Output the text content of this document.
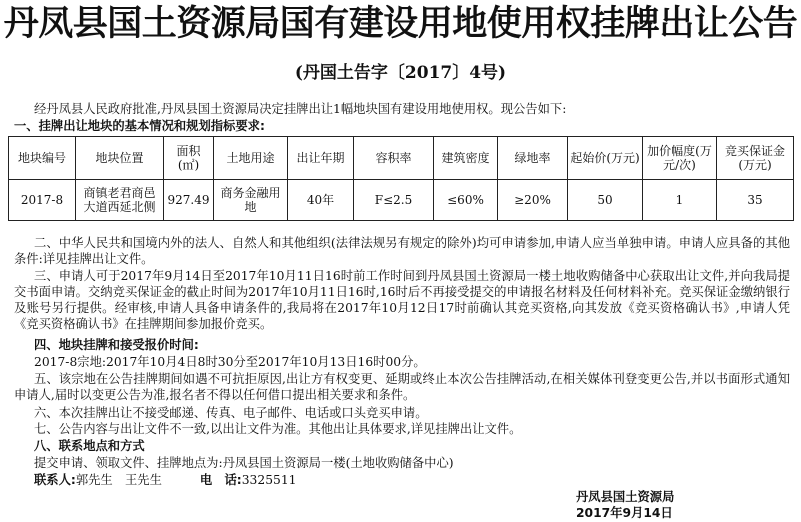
丹凤县国土资源局国有建设用地使用权挂牌出让公告
(丹国土告字〔2017〕4号)
经丹凤县人民政府批准,丹凤县国土资源局决定挂牌出让1幅地块国有建设用地使用权。现公告如下:
一、挂牌出让地块的基本情况和规划指标要求:
地块编号	地块位置	面积(㎡)	土地用途	出让年期	容积率	建筑密度	绿地率	起始价(万元)	加价幅度(万元/次)	竞买保证金(万元)
2017-8	商镇老君商邑大道西延北侧	927.49	商务金融用地	40年	F≤2.5	≤60%	≥20%	50	1	35
二、中华人民共和国境内外的法人、自然人和其他组织(法律法规另有规定的除外)均可申请参加,申请人应当单独申请。申请人应具备的其他条件:详见挂牌出让文件。
三、申请人可于2017年9月14日至2017年10月11日16时前工作时间到丹凤县国土资源局一楼土地收购储备中心获取出让文件,并向我局提交书面申请。交纳竞买保证金的截止时间为2017年10月11日16时,16时后不再接受提交的申请报名材料及任何材料补充。竞买保证金缴纳银行及账号另行提供。经审核,申请人具备申请条件的,我局将在2017年10月12日17时前确认其竞买资格,向其发放《竞买资格确认书》,申请人凭《竞买资格确认书》在挂牌期间参加报价竞买。
四、地块挂牌和接受报价时间:
2017-8宗地:2017年10月4日8时30分至2017年10月13日16时00分。
五、该宗地在公告挂牌期间如遇不可抗拒原因,出让方有权变更、延期或终止本次公告挂牌活动,在相关媒体刊登变更公告,并以书面形式通知申请人,届时以变更公告为准,报名者不得以任何借口提出相关要求和条件。
六、本次挂牌出让不接受邮递、传真、电子邮件、电话或口头竞买申请。
七、公告内容与出让文件不一致,以出让文件为准。其他出让具体要求,详见挂牌出让文件。
八、联系地点和方式
提交申请、领取文件、挂牌地点为:丹凤县国土资源局一楼(土地收购储备中心)
联系人:郭先生　王先生	电　话:3325511
丹凤县国土资源局
2017年9月14日
